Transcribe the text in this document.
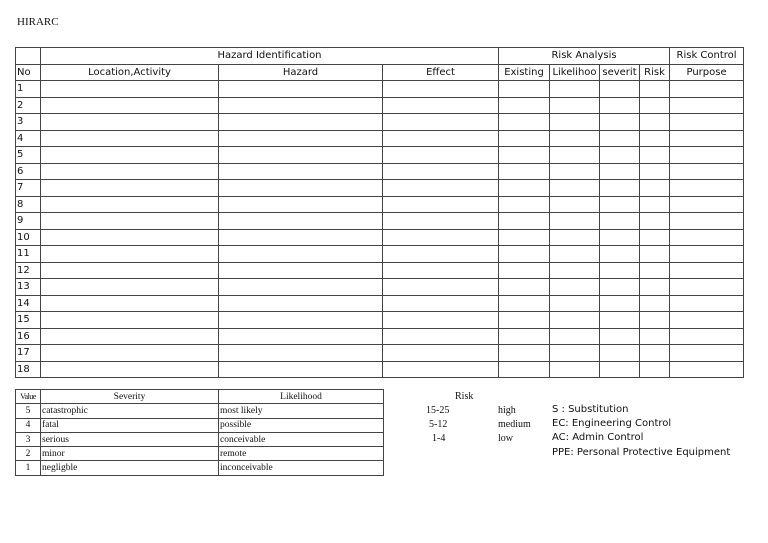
HIRARC
	Hazard Identification			Risk Analysis				Risk Control
No	Location,Activity	Hazard	Effect	Existing	Likelihoo	severit	Risk	Purpose
1								
2								
3								
4								
5								
6								
7								
8								
9								
10								
11								
12								
13								
14								
15								
16								
17								
18								
Value	Severity	Likelihood
5	catastrophic	most likely
4	fatal	possible
3	serious	conceivable
2	minor	remote
1	negligble	inconceivable
Risk
15-25	high
5-12	medium
1-4	low
S : Substitution
EC: Engineering Control
AC: Admin Control
PPE: Personal Protective Equipment
